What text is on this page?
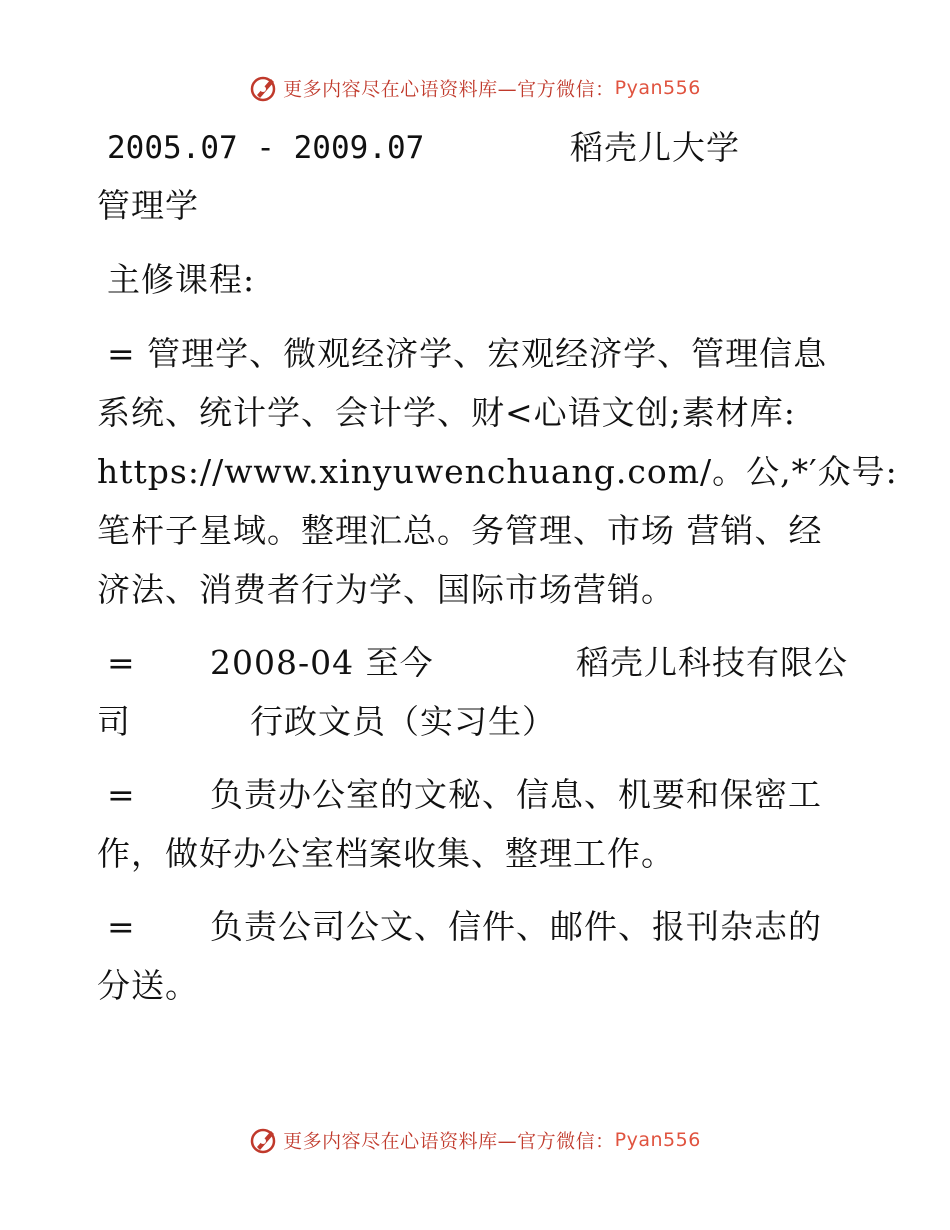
更多内容尽在心语资料库—官方微信：Pyan556
2005.07 - 2009.07	稻壳儿大学
管理学
主修课程:
= 管理学、微观经济学、宏观经济学、管理信息
系统、统计学、会计学、财<心语文创;素材库:
https://www.xinyuwenchuang.com/。公,*′众号:
笔杆子星域。整理汇总。务管理、市场 营销、经
济法、消费者行为学、国际市场营销。
= 2008-04 至今	稻壳儿科技有限公
司	行政文员（实习生）
= 负责办公室的文秘、信息、机要和保密工
作，做好办公室档案收集、整理工作。
= 负责公司公文、信件、邮件、报刊杂志的
分送。
更多内容尽在心语资料库—官方微信：Pyan556
